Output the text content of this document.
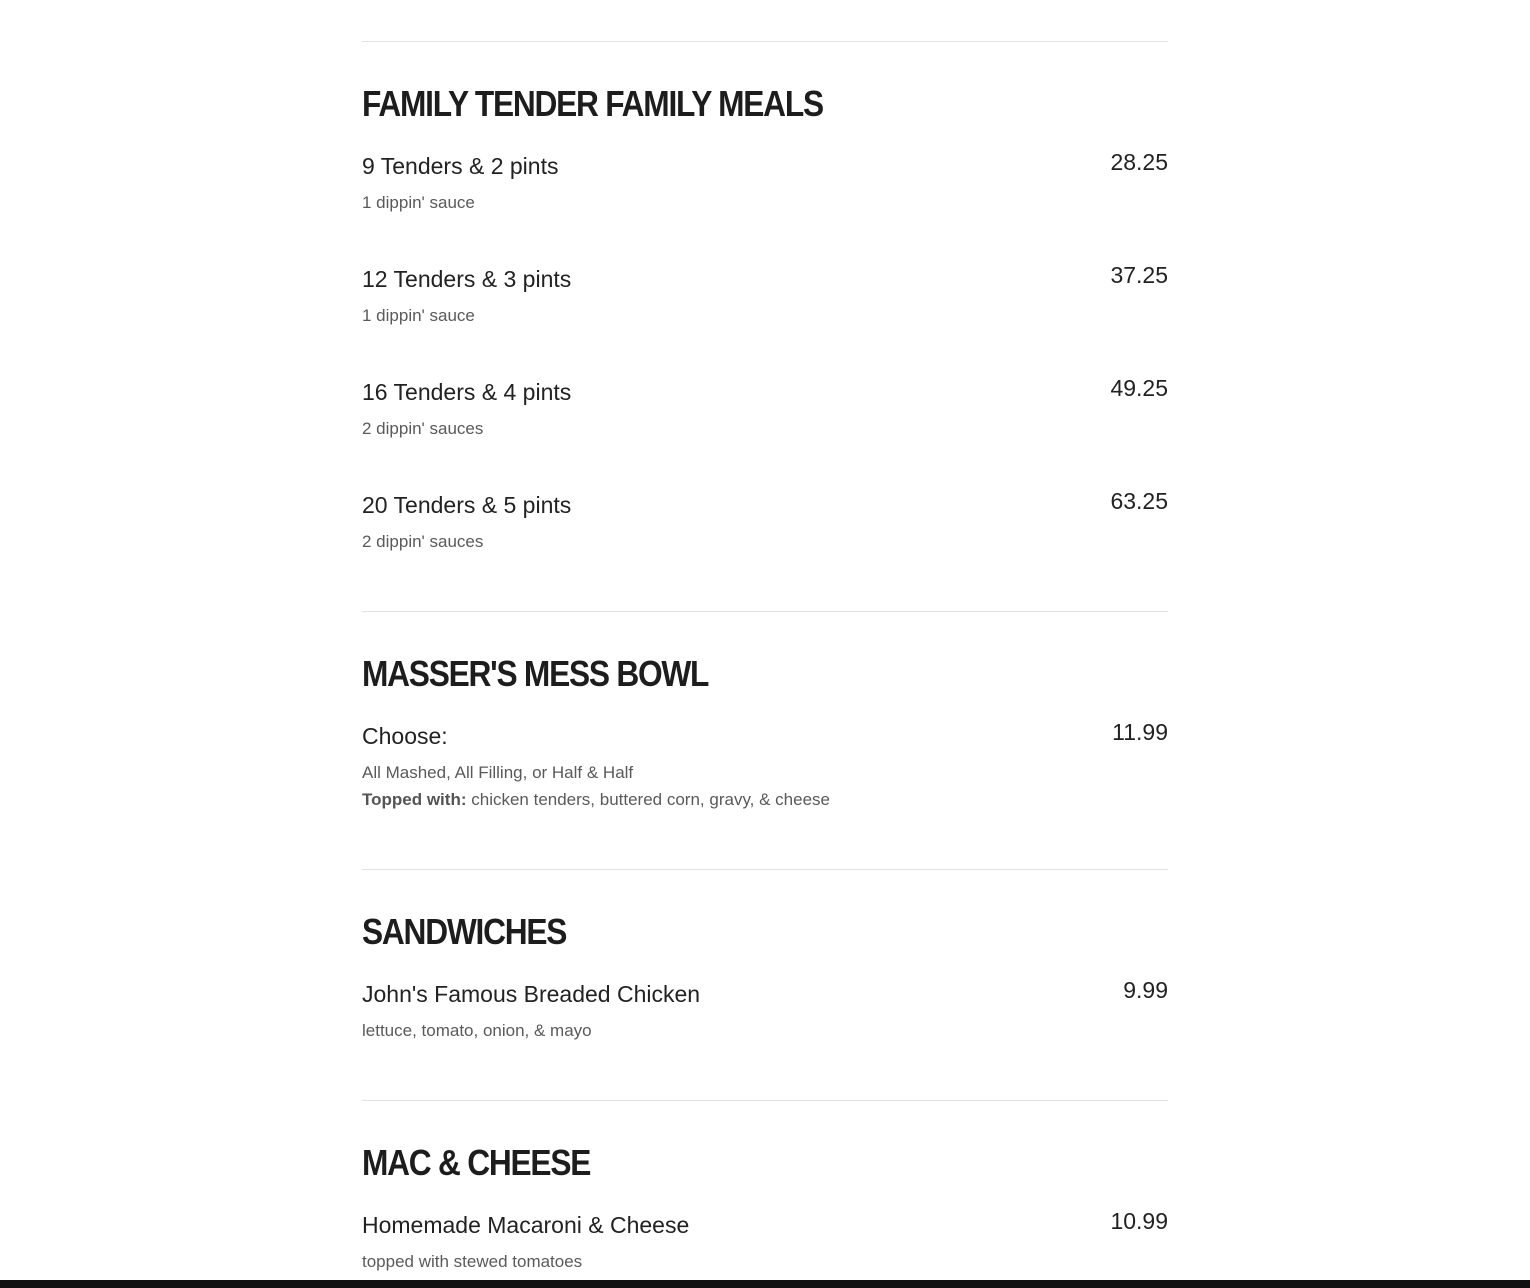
FAMILY TENDER FAMILY MEALS
9 Tenders & 2 pints	28.25
1 dippin' sauce
12 Tenders & 3 pints	37.25
1 dippin' sauce
16 Tenders & 4 pints	49.25
2 dippin' sauces
20 Tenders & 5 pints	63.25
2 dippin' sauces
MASSER'S MESS BOWL
Choose:	11.99
All Mashed, All Filling, or Half & Half
Topped with: chicken tenders, buttered corn, gravy, & cheese
SANDWICHES
John's Famous Breaded Chicken	9.99
lettuce, tomato, onion, & mayo
MAC & CHEESE
Homemade Macaroni & Cheese	10.99
topped with stewed tomatoes
